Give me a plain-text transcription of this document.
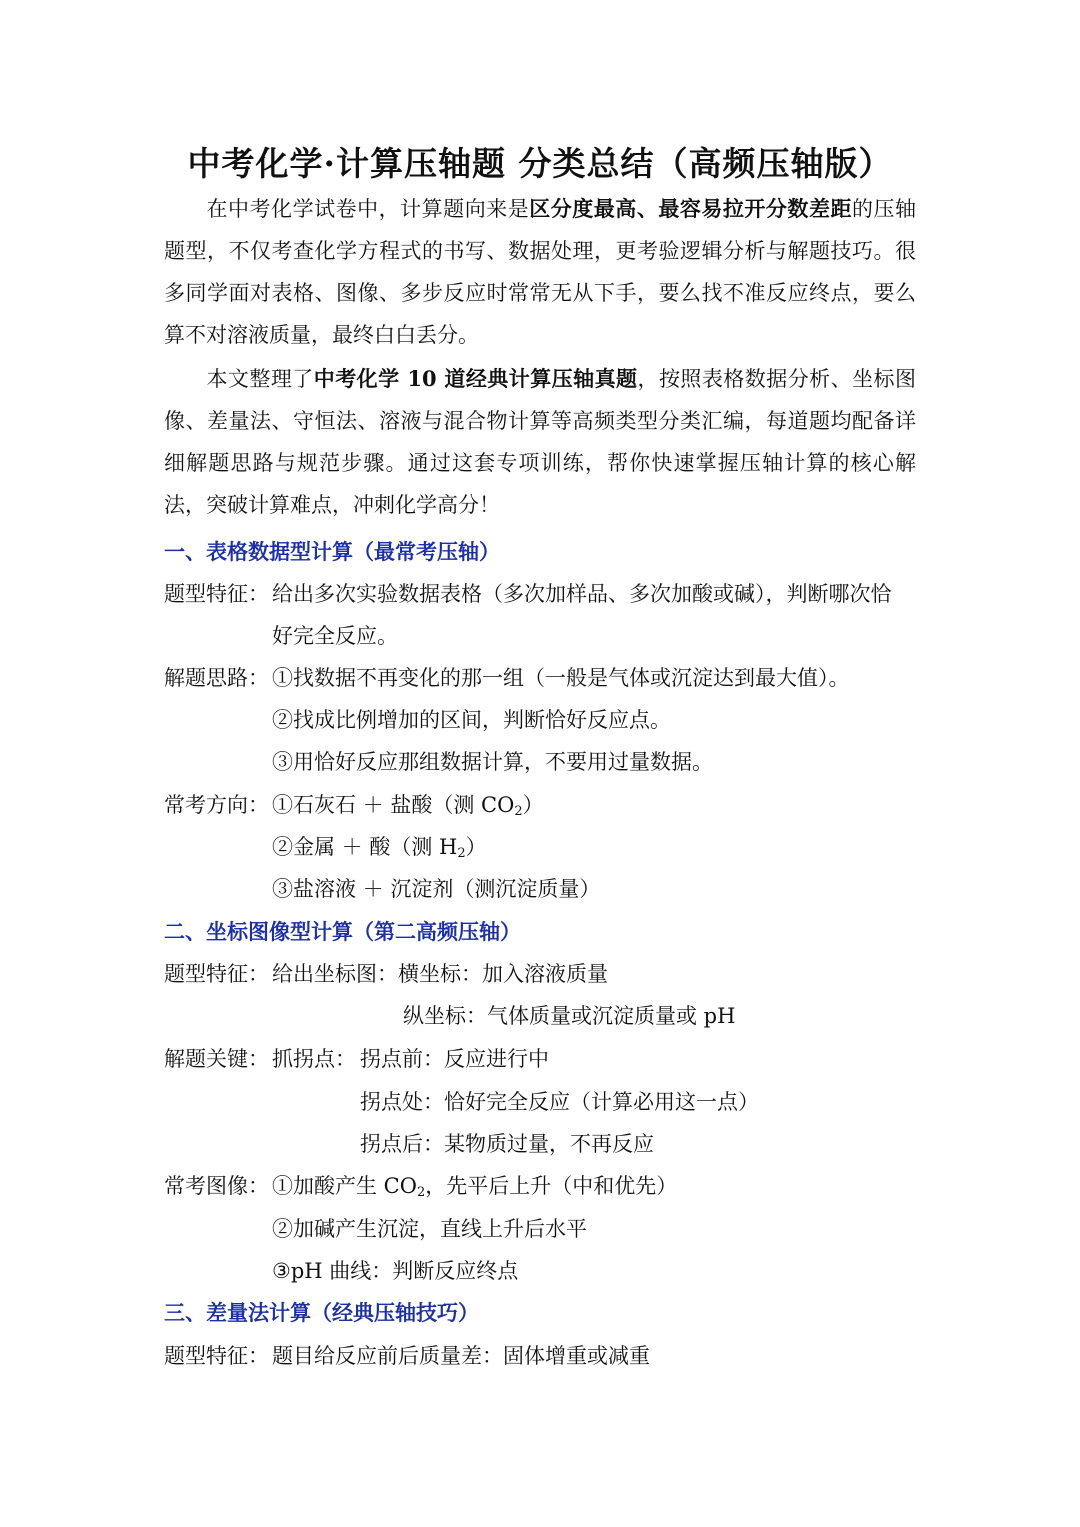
中考化学·计算压轴题 分类总结（高频压轴版）
在中考化学试卷中，计算题向来是区分度最高、最容易拉开分数差距的压轴题型，不仅考查化学方程式的书写、数据处理，更考验逻辑分析与解题技巧。很多同学面对表格、图像、多步反应时常常无从下手，要么找不准反应终点，要么算不对溶液质量，最终白白丢分。
本文整理了中考化学 10 道经典计算压轴真题，按照表格数据分析、坐标图像、差量法、守恒法、溶液与混合物计算等高频类型分类汇编，每道题均配备详细解题思路与规范步骤。通过这套专项训练，帮你快速掌握压轴计算的核心解法，突破计算难点，冲刺化学高分！
一、表格数据型计算（最常考压轴）
题型特征： 给出多次实验数据表格（多次加样品、多次加酸或碱），判断哪次恰
好完全反应。
解题思路： ①找数据不再变化的那一组（一般是气体或沉淀达到最大值）。
②找成比例增加的区间，判断恰好反应点。
③用恰好反应那组数据计算，不要用过量数据。
常考方向： ①石灰石 ＋ 盐酸（测 $CO_2$）
②金属 ＋ 酸（测 $H_2$）
③盐溶液 ＋ 沉淀剂（测沉淀质量）
二、坐标图像型计算（第二高频压轴）
题型特征： 给出坐标图：横坐标：加入溶液质量
纵坐标：气体质量或沉淀质量或 pH
解题关键： 抓拐点： 拐点前：反应进行中
拐点处：恰好完全反应（计算必用这一点）
拐点后：某物质过量，不再反应
常考图像： ①加酸产生 $CO_2$，先平后上升（中和优先）
②加碱产生沉淀，直线上升后水平
③pH 曲线：判断反应终点
三、差量法计算（经典压轴技巧）
题型特征： 题目给反应前后质量差：固体增重或减重
